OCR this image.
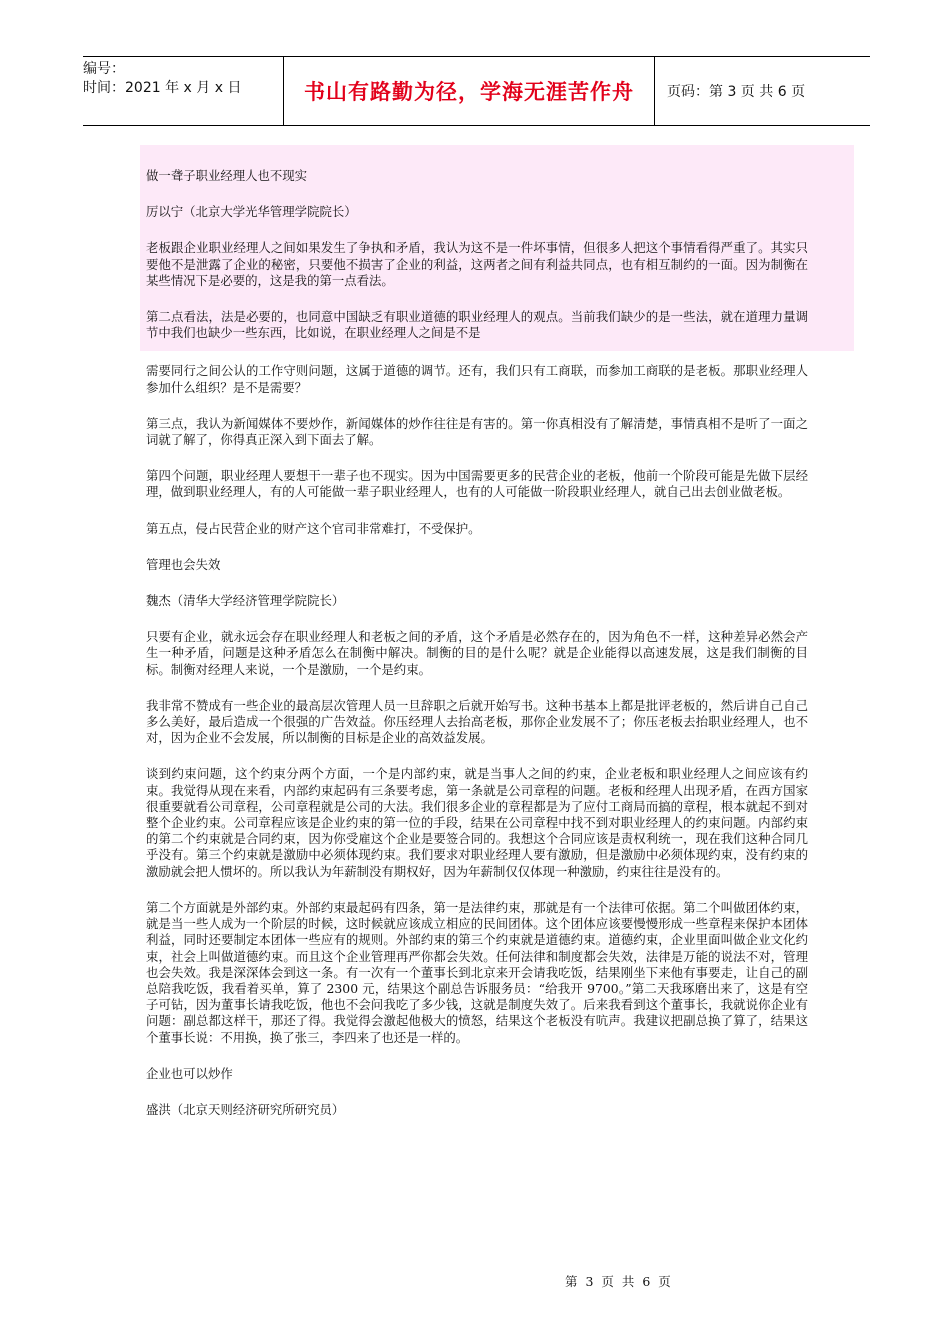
编号：
时间：2021 年 x 月 x 日	书山有路勤为径，学海无涯苦作舟	页码：第 3 页 共 6 页

做一聋子职业经理人也不现实

厉以宁（北京大学光华管理学院院长）

老板跟企业职业经理人之间如果发生了争执和矛盾，我认为这不是一件坏事情，但很多人把这个事情看得严重了。其实只要他不是泄露了企业的秘密，只要他不损害了企业的利益，这两者之间有利益共同点，也有相互制约的一面。因为制衡在某些情况下是必要的，这是我的第一点看法。

第二点看法，法是必要的，也同意中国缺乏有职业道德的职业经理人的观点。当前我们缺少的是一些法，就在道理力量调节中我们也缺少一些东西，比如说，在职业经理人之间是不是

需要同行之间公认的工作守则问题，这属于道德的调节。还有，我们只有工商联，而参加工商联的是老板。那职业经理人参加什么组织？是不是需要？

第三点，我认为新闻媒体不要炒作，新闻媒体的炒作往往是有害的。第一你真相没有了解清楚，事情真相不是听了一面之词就了解了，你得真正深入到下面去了解。

第四个问题，职业经理人要想干一辈子也不现实。因为中国需要更多的民营企业的老板，他前一个阶段可能是先做下层经理，做到职业经理人，有的人可能做一辈子职业经理人，也有的人可能做一阶段职业经理人，就自己出去创业做老板。

第五点，侵占民营企业的财产这个官司非常难打，不受保护。

管理也会失效

魏杰（清华大学经济管理学院院长）

只要有企业，就永远会存在职业经理人和老板之间的矛盾，这个矛盾是必然存在的，因为角色不一样，这种差异必然会产生一种矛盾，问题是这种矛盾怎么在制衡中解决。制衡的目的是什么呢？就是企业能得以高速发展，这是我们制衡的目标。制衡对经理人来说，一个是激励，一个是约束。

我非常不赞成有一些企业的最高层次管理人员一旦辞职之后就开始写书。这种书基本上都是批评老板的，然后讲自己自己多么美好，最后造成一个很强的广告效益。你压经理人去抬高老板，那你企业发展不了；你压老板去抬职业经理人，也不对，因为企业不会发展，所以制衡的目标是企业的高效益发展。

谈到约束问题，这个约束分两个方面，一个是内部约束，就是当事人之间的约束，企业老板和职业经理人之间应该有约束。我觉得从现在来看，内部约束起码有三条要考虑，第一条就是公司章程的问题。老板和经理人出现矛盾，在西方国家很重要就看公司章程，公司章程就是公司的大法。我们很多企业的章程都是为了应付工商局而搞的章程，根本就起不到对整个企业约束。公司章程应该是企业约束的第一位的手段，结果在公司章程中找不到对职业经理人的约束问题。内部约束的第二个约束就是合同约束，因为你受雇这个企业是要签合同的。我想这个合同应该是责权利统一，现在我们这种合同几乎没有。第三个约束就是激励中必须体现约束。我们要求对职业经理人要有激励，但是激励中必须体现约束，没有约束的激励就会把人惯坏的。所以我认为年薪制没有期权好，因为年薪制仅仅体现一种激励，约束往往是没有的。

第二个方面就是外部约束。外部约束最起码有四条，第一是法律约束，那就是有一个法律可依据。第二个叫做团体约束，就是当一些人成为一个阶层的时候，这时候就应该成立相应的民间团体。这个团体应该要慢慢形成一些章程来保护本团体利益，同时还要制定本团体一些应有的规则。外部约束的第三个约束就是道德约束。道德约束，企业里面叫做企业文化约束，社会上叫做道德约束。而且这个企业管理再严你都会失效。任何法律和制度都会失效，法律是万能的说法不对，管理也会失效。我是深深体会到这一条。有一次有一个董事长到北京来开会请我吃饭，结果刚坐下来他有事要走，让自己的副总陪我吃饭，我看着买单，算了 2300 元，结果这个副总告诉服务员：“给我开 9700。”第二天我琢磨出来了，这是有空子可钻，因为董事长请我吃饭，他也不会问我吃了多少钱，这就是制度失效了。后来我看到这个董事长，我就说你企业有问题：副总都这样干，那还了得。我觉得会激起他极大的愤怒，结果这个老板没有吭声。我建议把副总换了算了，结果这个董事长说：不用换，换了张三，李四来了也还是一样的。

企业也可以炒作

盛洪（北京天则经济研究所研究员）

第 3 页 共 6 页
